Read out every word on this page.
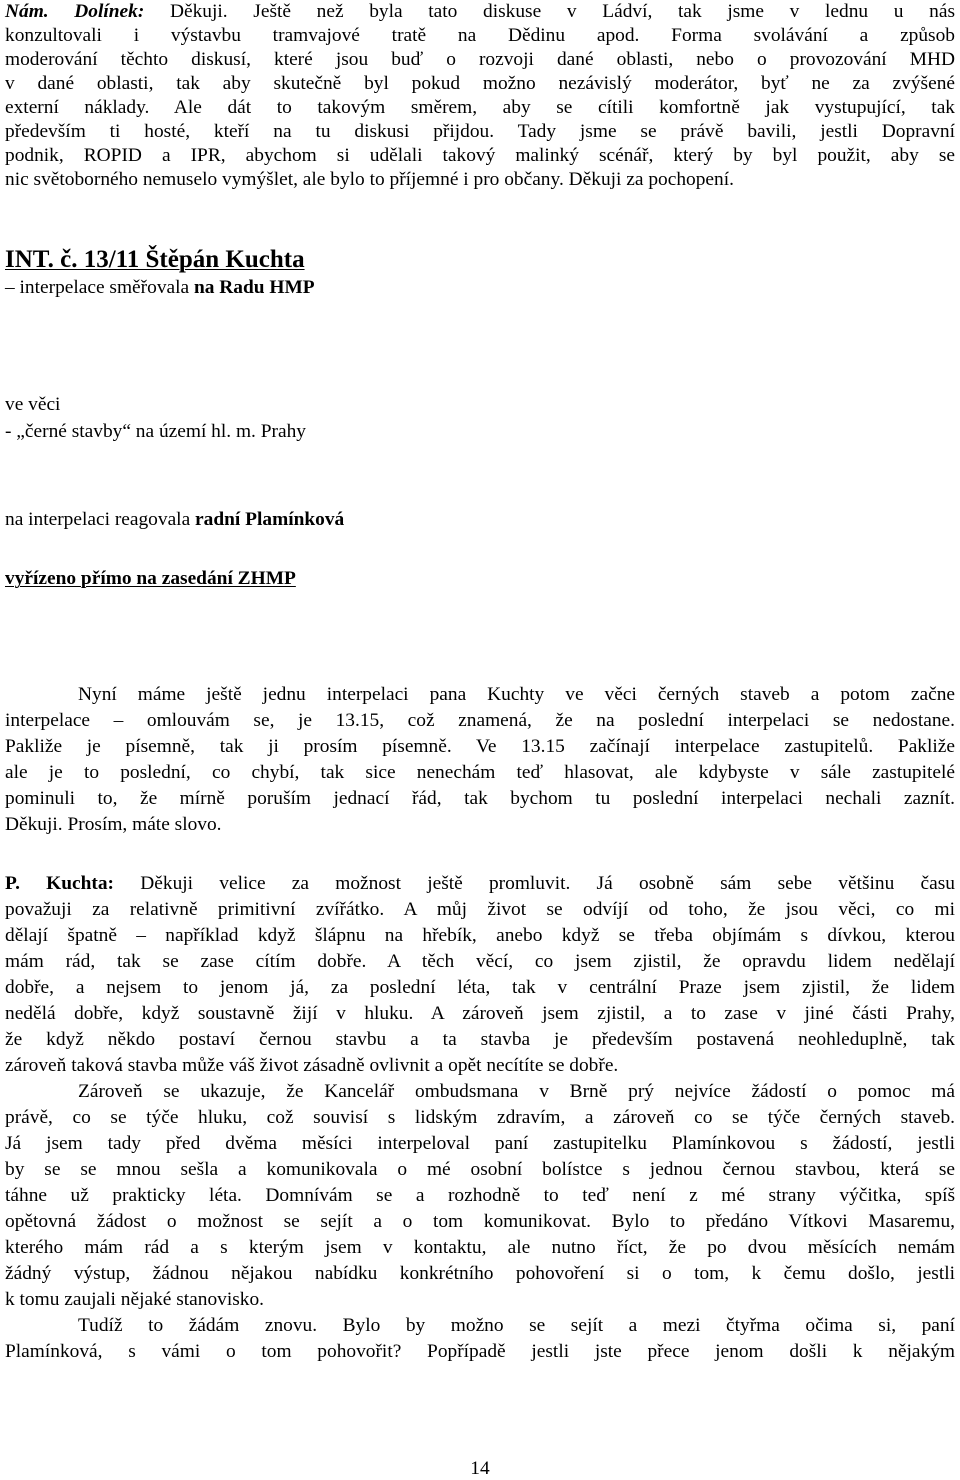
Nám. Dolínek: Děkuji. Ještě než byla tato diskuse v Ládví, tak jsme v lednu u nás
konzultovali i výstavbu tramvajové tratě na Dědinu apod. Forma svolávání a způsob
moderování těchto diskusí, které jsou buď o rozvoji dané oblasti, nebo o provozování MHD
v dané oblasti, tak aby skutečně byl pokud možno nezávislý moderátor, byť ne za zvýšené
externí náklady. Ale dát to takovým směrem, aby se cítili komfortně jak vystupující, tak
především ti hosté, kteří na tu diskusi přijdou. Tady jsme se právě bavili, jestli Dopravní
podnik, ROPID a IPR, abychom si udělali takový malinký scénář, který by byl použit, aby se
nic světoborného nemuselo vymýšlet, ale bylo to příjemné i pro občany. Děkuji za pochopení.
INT. č. 13/11 Štěpán Kuchta
– interpelace směřovala na Radu HMP
ve věci
- „černé stavby“ na území hl. m. Prahy
na interpelaci reagovala radní Plamínková
vyřízeno přímo na zasedání ZHMP
Nyní máme ještě jednu interpelaci pana Kuchty ve věci černých staveb a potom začne
interpelace – omlouvám se, je 13.15, což znamená, že na poslední interpelaci se nedostane.
Pakliže je písemně, tak ji prosím písemně. Ve 13.15 začínají interpelace zastupitelů. Pakliže
ale je to poslední, co chybí, tak sice nenechám teď hlasovat, ale kdybyste v sále zastupitelé
pominuli to, že mírně poruším jednací řád, tak bychom tu poslední interpelaci nechali zaznít.
Děkuji. Prosím, máte slovo.
P. Kuchta: Děkuji velice za možnost ještě promluvit. Já osobně sám sebe většinu času
považuji za relativně primitivní zvířátko. A můj život se odvíjí od toho, že jsou věci, co mi
dělají špatně – například když šlápnu na hřebík, anebo když se třeba objímám s dívkou, kterou
mám rád, tak se zase cítím dobře. A těch věcí, co jsem zjistil, že opravdu lidem nedělají
dobře, a nejsem to jenom já, za poslední léta, tak v centrální Praze jsem zjistil, že lidem
nedělá dobře, když soustavně žijí v hluku. A zároveň jsem zjistil, a to zase v jiné části Prahy,
že když někdo postaví černou stavbu a ta stavba je především postavená neohleduplně, tak
zároveň taková stavba může váš život zásadně ovlivnit a opět necítíte se dobře.
Zároveň se ukazuje, že Kancelář ombudsmana v Brně prý nejvíce žádostí o pomoc má
právě, co se týče hluku, což souvisí s lidským zdravím, a zároveň co se týče černých staveb.
Já jsem tady před dvěma měsíci interpeloval paní zastupitelku Plamínkovou s žádostí, jestli
by se se mnou sešla a komunikovala o mé osobní bolístce s jednou černou stavbou, která se
táhne už prakticky léta. Domnívám se a rozhodně to teď není z mé strany výčitka, spíš
opětovná žádost o možnost se sejít a o tom komunikovat. Bylo to předáno Vítkovi Masaremu,
kterého mám rád a s kterým jsem v kontaktu, ale nutno říct, že po dvou měsících nemám
žádný výstup, žádnou nějakou nabídku konkrétního pohovoření si o tom, k čemu došlo, jestli
k tomu zaujali nějaké stanovisko.
Tudíž to žádám znovu. Bylo by možno se sejít a mezi čtyřma očima si, paní
Plamínková, s vámi o tom pohovořit? Popřípadě jestli jste přece jenom došli k nějakým
14
